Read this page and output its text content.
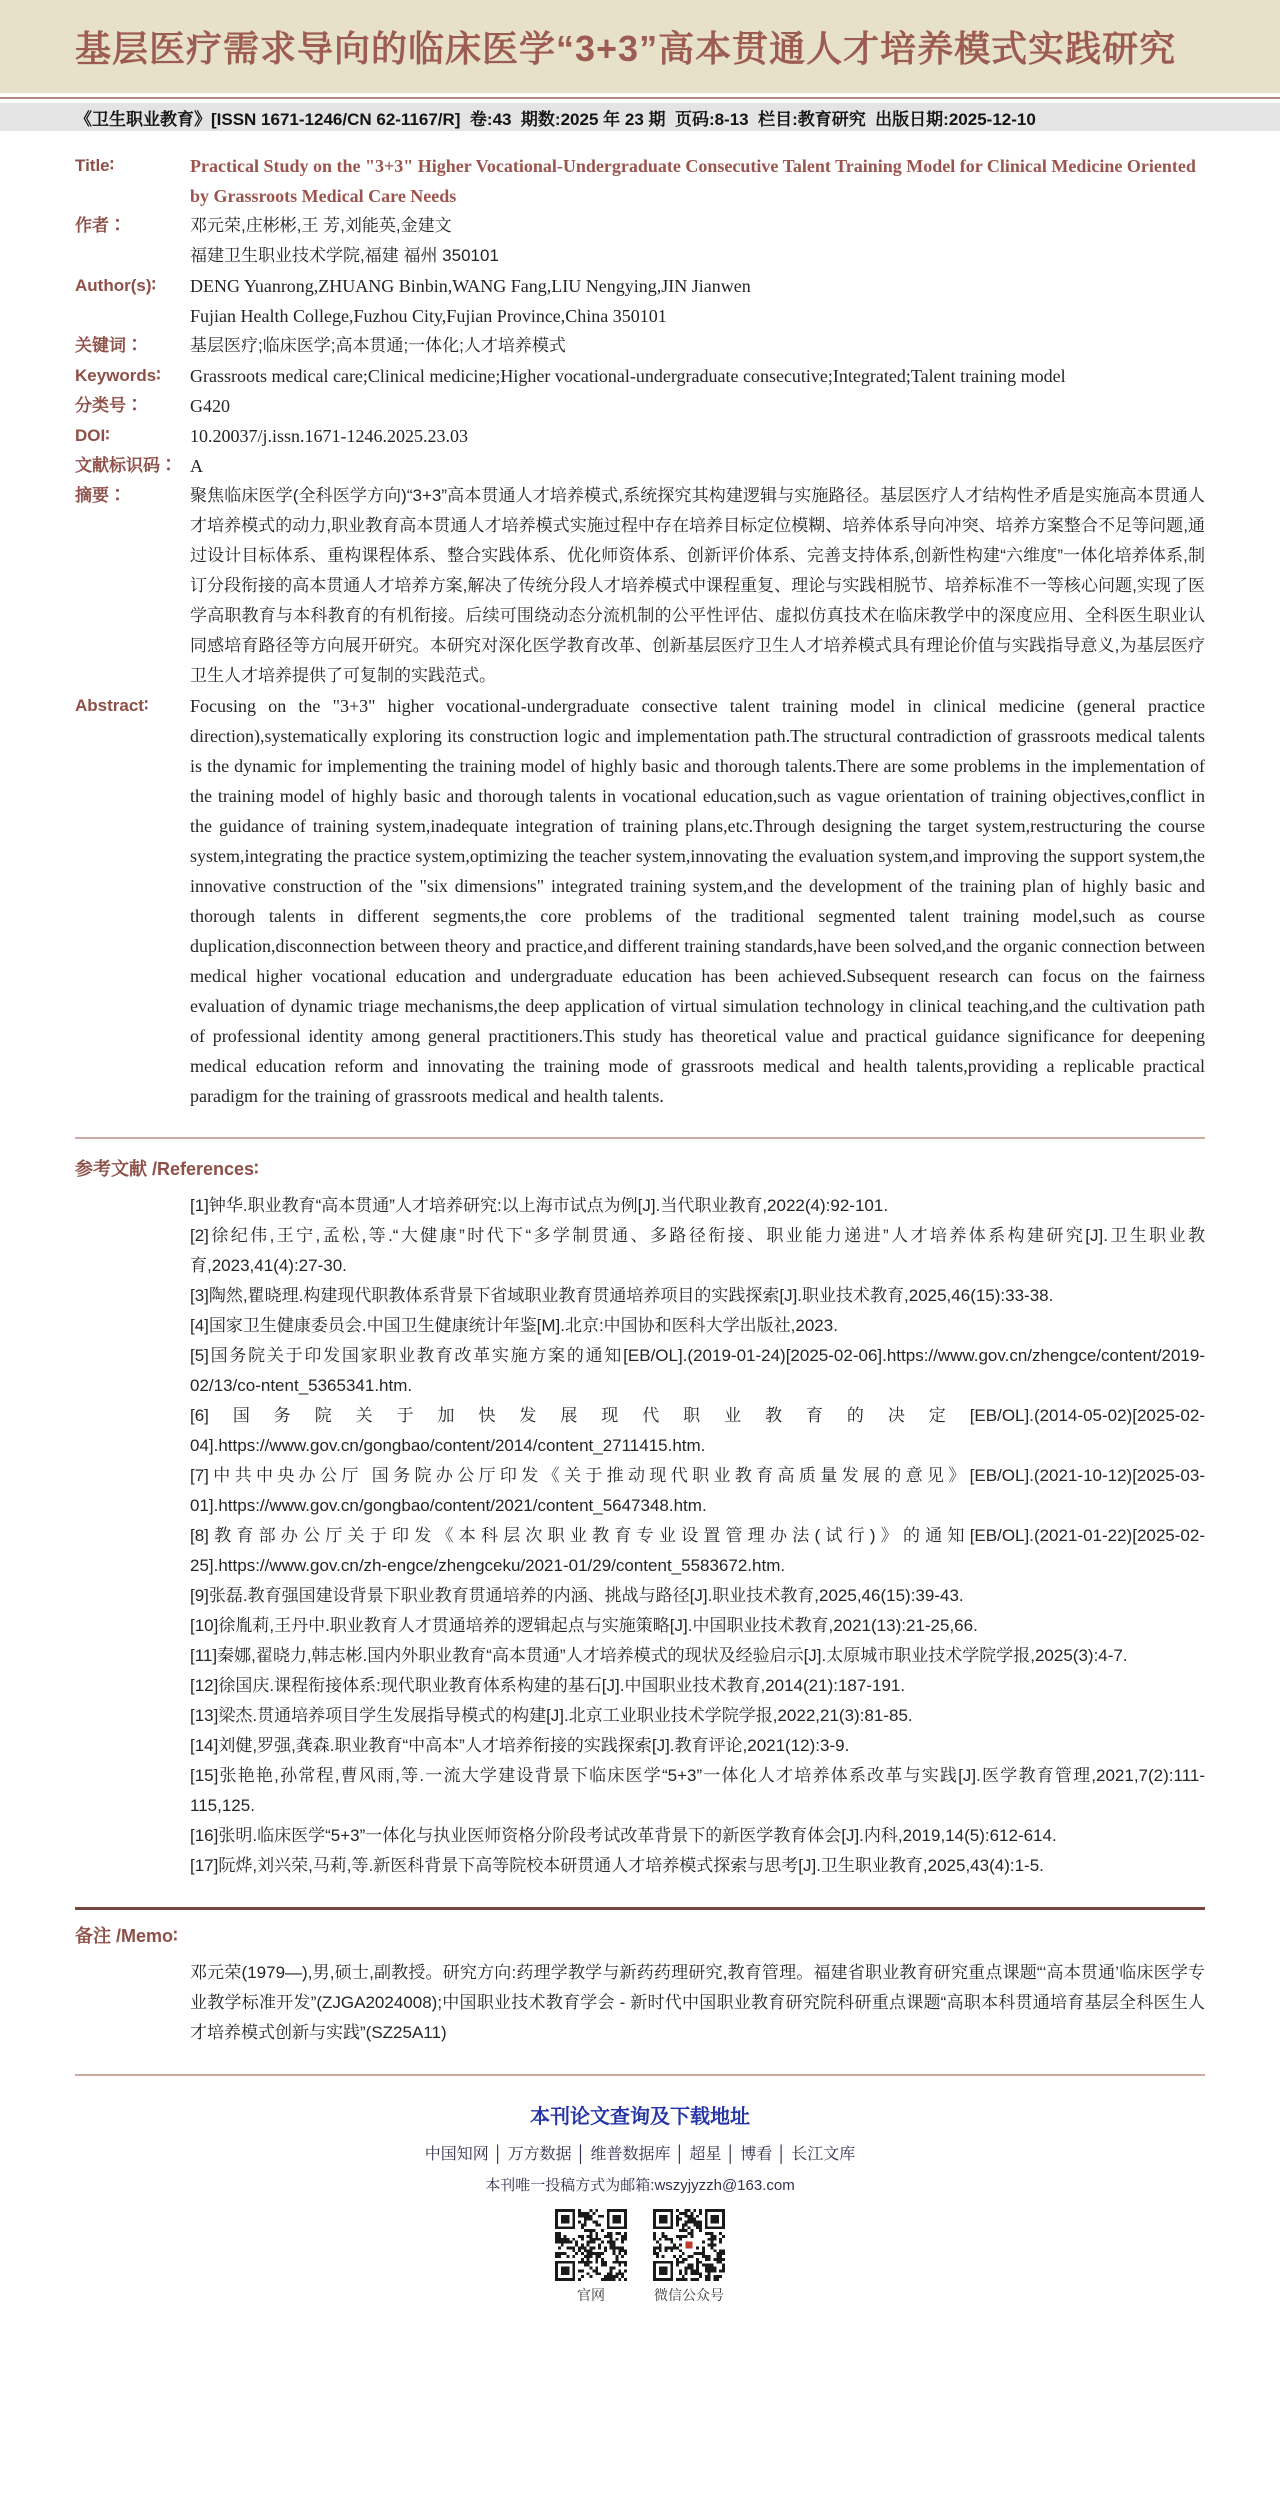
基层医疗需求导向的临床医学“3+3”高本贯通人才培养模式实践研究
《卫生职业教育》[ISSN 1671-1246/CN 62-1167/R]  卷:43  期数:2025 年 23 期  页码:8-13  栏目:教育研究  出版日期:2025-12-10
Title∶	Practical Study on the "3+3" Higher Vocational-Undergraduate Consecutive Talent Training Model for Clinical Medicine Oriented by Grassroots Medical Care Needs
作者∶	邓元荣,庄彬彬,王 芳,刘能英,金建文
福建卫生职业技术学院,福建 福州 350101
Author(s)∶	DENG Yuanrong,ZHUANG Binbin,WANG Fang,LIU Nengying,JIN Jianwen
Fujian Health College,Fuzhou City,Fujian Province,China 350101
关键词∶	基层医疗;临床医学;高本贯通;一体化;人才培养模式
Keywords∶	Grassroots medical care;Clinical medicine;Higher vocational-undergraduate consecutive;Integrated;Talent training model
分类号∶	G420
DOI∶	10.20037/j.issn.1671-1246.2025.23.03
文献标识码∶ A
摘要∶	聚焦临床医学(全科医学方向)“3+3”高本贯通人才培养模式,系统探究其构建逻辑与实施路径。基层医疗人才结构性矛盾是实施高本贯通人才培养模式的动力,职业教育高本贯通人才培养模式实施过程中存在培养目标定位模糊、培养体系导向冲突、培养方案整合不足等问题,通过设计目标体系、重构课程体系、整合实践体系、优化师资体系、创新评价体系、完善支持体系,创新性构建“六维度”一体化培养体系,制订分段衔接的高本贯通人才培养方案,解决了传统分段人才培养模式中课程重复、理论与实践相脱节、培养标准不一等核心问题,实现了医学高职教育与本科教育的有机衔接。后续可围绕动态分流机制的公平性评估、虚拟仿真技术在临床教学中的深度应用、全科医生职业认同感培育路径等方向展开研究。本研究对深化医学教育改革、创新基层医疗卫生人才培养模式具有理论价值与实践指导意义,为基层医疗卫生人才培养提供了可复制的实践范式。
Abstract∶	Focusing on the "3+3" higher vocational-undergraduate consective talent training model in clinical medicine (general practice direction),systematically exploring its construction logic and implementation path.The structural contradiction of grassroots medical talents is the dynamic for implementing the training model of highly basic and thorough talents.There are some problems in the implementation of the training model of highly basic and thorough talents in vocational education,such as vague orientation of training objectives,conflict in the guidance of training system,inadequate integration of training plans,etc.Through designing the target system,restructuring the course system,integrating the practice system,optimizing the teacher system,innovating the evaluation system,and improving the support system,the innovative construction of the "six dimensions" integrated training system,and the development of the training plan of highly basic and thorough talents in different segments,the core problems of the traditional segmented talent training model,such as course duplication,disconnection between theory and practice,and different training standards,have been solved,and the organic connection between medical higher vocational education and undergraduate education has been achieved.Subsequent research can focus on the fairness evaluation of dynamic triage mechanisms,the deep application of virtual simulation technology in clinical teaching,and the cultivation path of professional identity among general practitioners.This study has theoretical value and practical guidance significance for deepening medical education reform and innovating the training mode of grassroots medical and health talents,providing a replicable practical paradigm for the training of grassroots medical and health talents.
参考文献 /References∶

[1]钟华.职业教育“高本贯通”人才培养研究:以上海市试点为例[J].当代职业教育,2022(4):92-101.

[2]徐纪伟,王宁,孟松,等.“大健康”时代下“多学制贯通、多路径衔接、职业能力递进”人才培养体系构建研究[J].卫生职业教育,2023,41(4):27-30.

[3]陶然,瞿晓理.构建现代职教体系背景下省域职业教育贯通培养项目的实践探索[J].职业技术教育,2025,46(15):33-38.

[4]国家卫生健康委员会.中国卫生健康统计年鉴[M].北京:中国协和医科大学出版社,2023.

[5]国务院关于印发国家职业教育改革实施方案的通知[EB/OL].(2019-01-24)[2025-02-06].https://www.gov.cn/zhengce/content/2019-02/13/co-ntent_5365341.htm.

[6]国务院关于加快发展现代职业教育的决定[EB/OL].(2014-05-02)[2025-02-04].https://www.gov.cn/gongbao/content/2014/content_2711415.htm.

[7]中共中央办公厅 国务院办公厅印发《关于推动现代职业教育高质量发展的意见》[EB/OL].(2021-10-12)[2025-03-01].https://www.gov.cn/gongbao/content/2021/content_5647348.htm.

[8]教育部办公厅关于印发《本科层次职业教育专业设置管理办法(试行)》的通知[EB/OL].(2021-01-22)[2025-02-25].https://www.gov.cn/zh-engce/zhengceku/2021-01/29/content_5583672.htm.

[9]张磊.教育强国建设背景下职业教育贯通培养的内涵、挑战与路径[J].职业技术教育,2025,46(15):39-43.

[10]徐胤莉,王丹中.职业教育人才贯通培养的逻辑起点与实施策略[J].中国职业技术教育,2021(13):21-25,66.

[11]秦娜,翟晓力,韩志彬.国内外职业教育“高本贯通”人才培养模式的现状及经验启示[J].太原城市职业技术学院学报,2025(3):4-7.

[12]徐国庆.课程衔接体系:现代职业教育体系构建的基石[J].中国职业技术教育,2014(21):187-191.

[13]梁杰.贯通培养项目学生发展指导模式的构建[J].北京工业职业技术学院学报,2022,21(3):81-85.

[14]刘健,罗强,龚森.职业教育“中高本”人才培养衔接的实践探索[J].教育评论,2021(12):3-9.

[15]张艳艳,孙常程,曹风雨,等.一流大学建设背景下临床医学“5+3”一体化人才培养体系改革与实践[J].医学教育管理,2021,7(2):111-115,125.

[16]张明.临床医学“5+3”一体化与执业医师资格分阶段考试改革背景下的新医学教育体会[J].内科,2019,14(5):612-614.

[17]阮烨,刘兴荣,马莉,等.新医科背景下高等院校本研贯通人才培养模式探索与思考[J].卫生职业教育,2025,43(4):1-5.

备注 /Memo∶

邓元荣(1979—),男,硕士,副教授。研究方向:药理学教学与新药药理研究,教育管理。福建省职业教育研究重点课题“‘高本贯通’临床医学专业教学标准开发”(ZJGA2024008);中国职业技术教育学会 - 新时代中国职业教育研究院科研重点课题“高职本科贯通培育基层全科医生人才培养模式创新与实践”(SZ25A11)

本刊论文查询及下载地址
中国知网 │ 万方数据 │ 维普数据库 │ 超星 │ 博看 │ 长江文库
本刊唯一投稿方式为邮箱:wszyjyzzh@163.com
官网	微信公众号
